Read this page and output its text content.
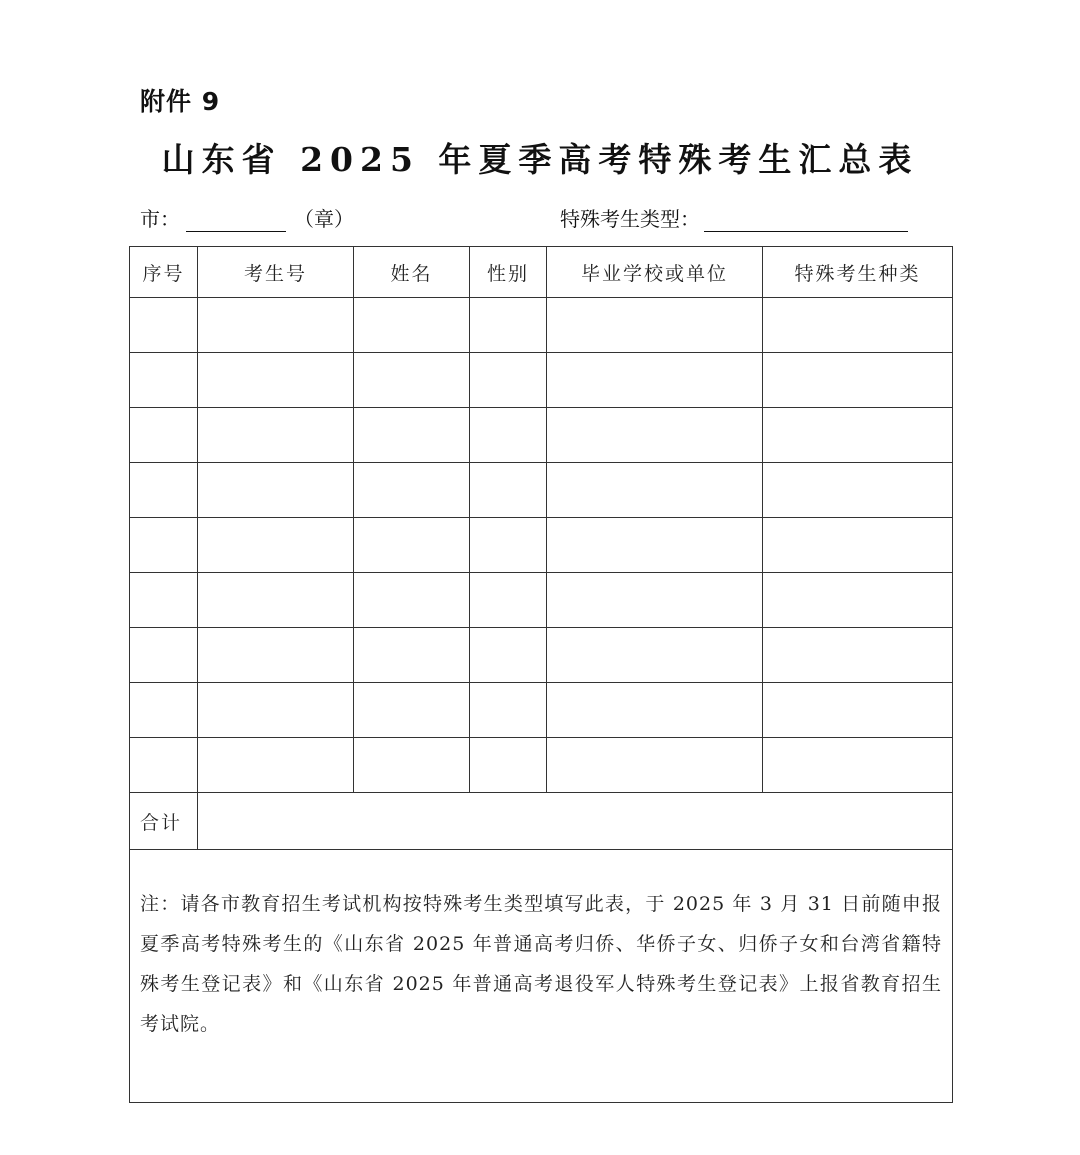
附件 9
山东省 2025 年夏季高考特殊考生汇总表
市：	（章）	特殊考生类型：
序号	考生号	姓名	性别	毕业学校或单位	特殊考生种类

合计					
注：请各市教育招生考试机构按特殊考生类型填写此表，于 2025 年 3 月 31 日前随申报夏季高考特殊考生的《山东省 2025 年普通高考归侨、华侨子女、归侨子女和台湾省籍特殊考生登记表》和《山东省 2025 年普通高考退役军人特殊考生登记表》上报省教育招生考试院。					
